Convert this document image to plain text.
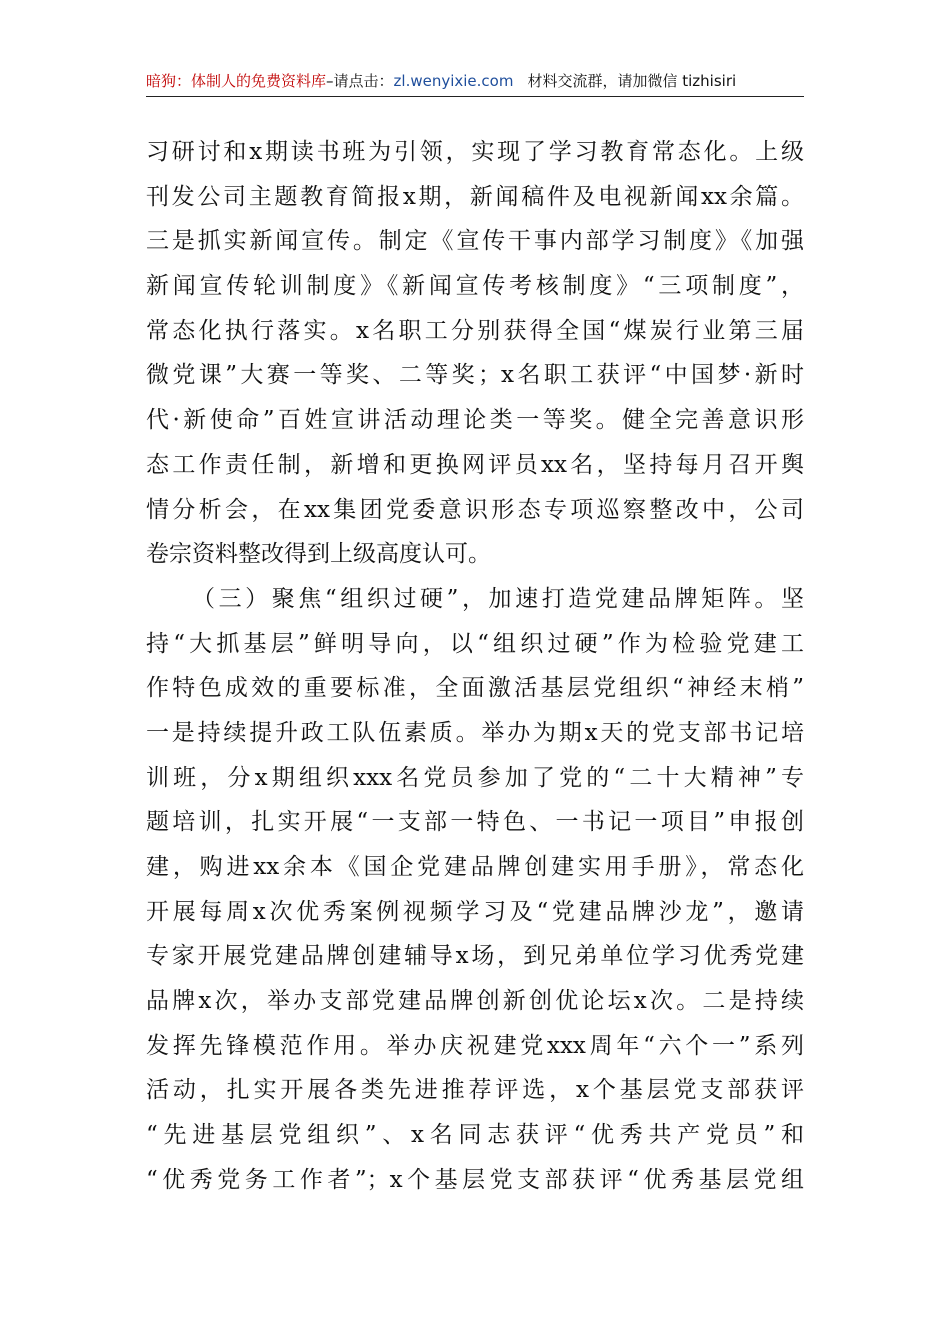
暗狗：体制人的免费资料库–请点击：zl.wenyixie.com 材料交流群，请加微信 tizhisiri
习研讨和x期读书班为引领，实现了学习教育常态化。上级
刊发公司主题教育简报x期，新闻稿件及电视新闻xx余篇。
三是抓实新闻宣传。制定《宣传干事内部学习制度》《加强
新闻宣传轮训制度》《新闻宣传考核制度》“三项制度”，
常态化执行落实。x名职工分别获得全国“煤炭行业第三届
微党课”大赛一等奖、二等奖；x名职工获评“中国梦·新时
代·新使命”百姓宣讲活动理论类一等奖。健全完善意识形
态工作责任制，新增和更换网评员xx名，坚持每月召开舆
情分析会，在xx集团党委意识形态专项巡察整改中，公司
卷宗资料整改得到上级高度认可。
（三）聚焦“组织过硬”，加速打造党建品牌矩阵。坚
持“大抓基层”鲜明导向，以“组织过硬”作为检验党建工
作特色成效的重要标准，全面激活基层党组织“神经末梢”
一是持续提升政工队伍素质。举办为期x天的党支部书记培
训班，分x期组织xxx名党员参加了党的“二十大精神”专
题培训，扎实开展“一支部一特色、一书记一项目”申报创
建，购进xx余本《国企党建品牌创建实用手册》，常态化
开展每周x次优秀案例视频学习及“党建品牌沙龙”，邀请
专家开展党建品牌创建辅导x场，到兄弟单位学习优秀党建
品牌x次，举办支部党建品牌创新创优论坛x次。二是持续
发挥先锋模范作用。举办庆祝建党xxx周年“六个一”系列
活动，扎实开展各类先进推荐评选，x个基层党支部获评
“先进基层党组织”、x名同志获评“优秀共产党员”和
“优秀党务工作者”；x个基层党支部获评“优秀基层党组
